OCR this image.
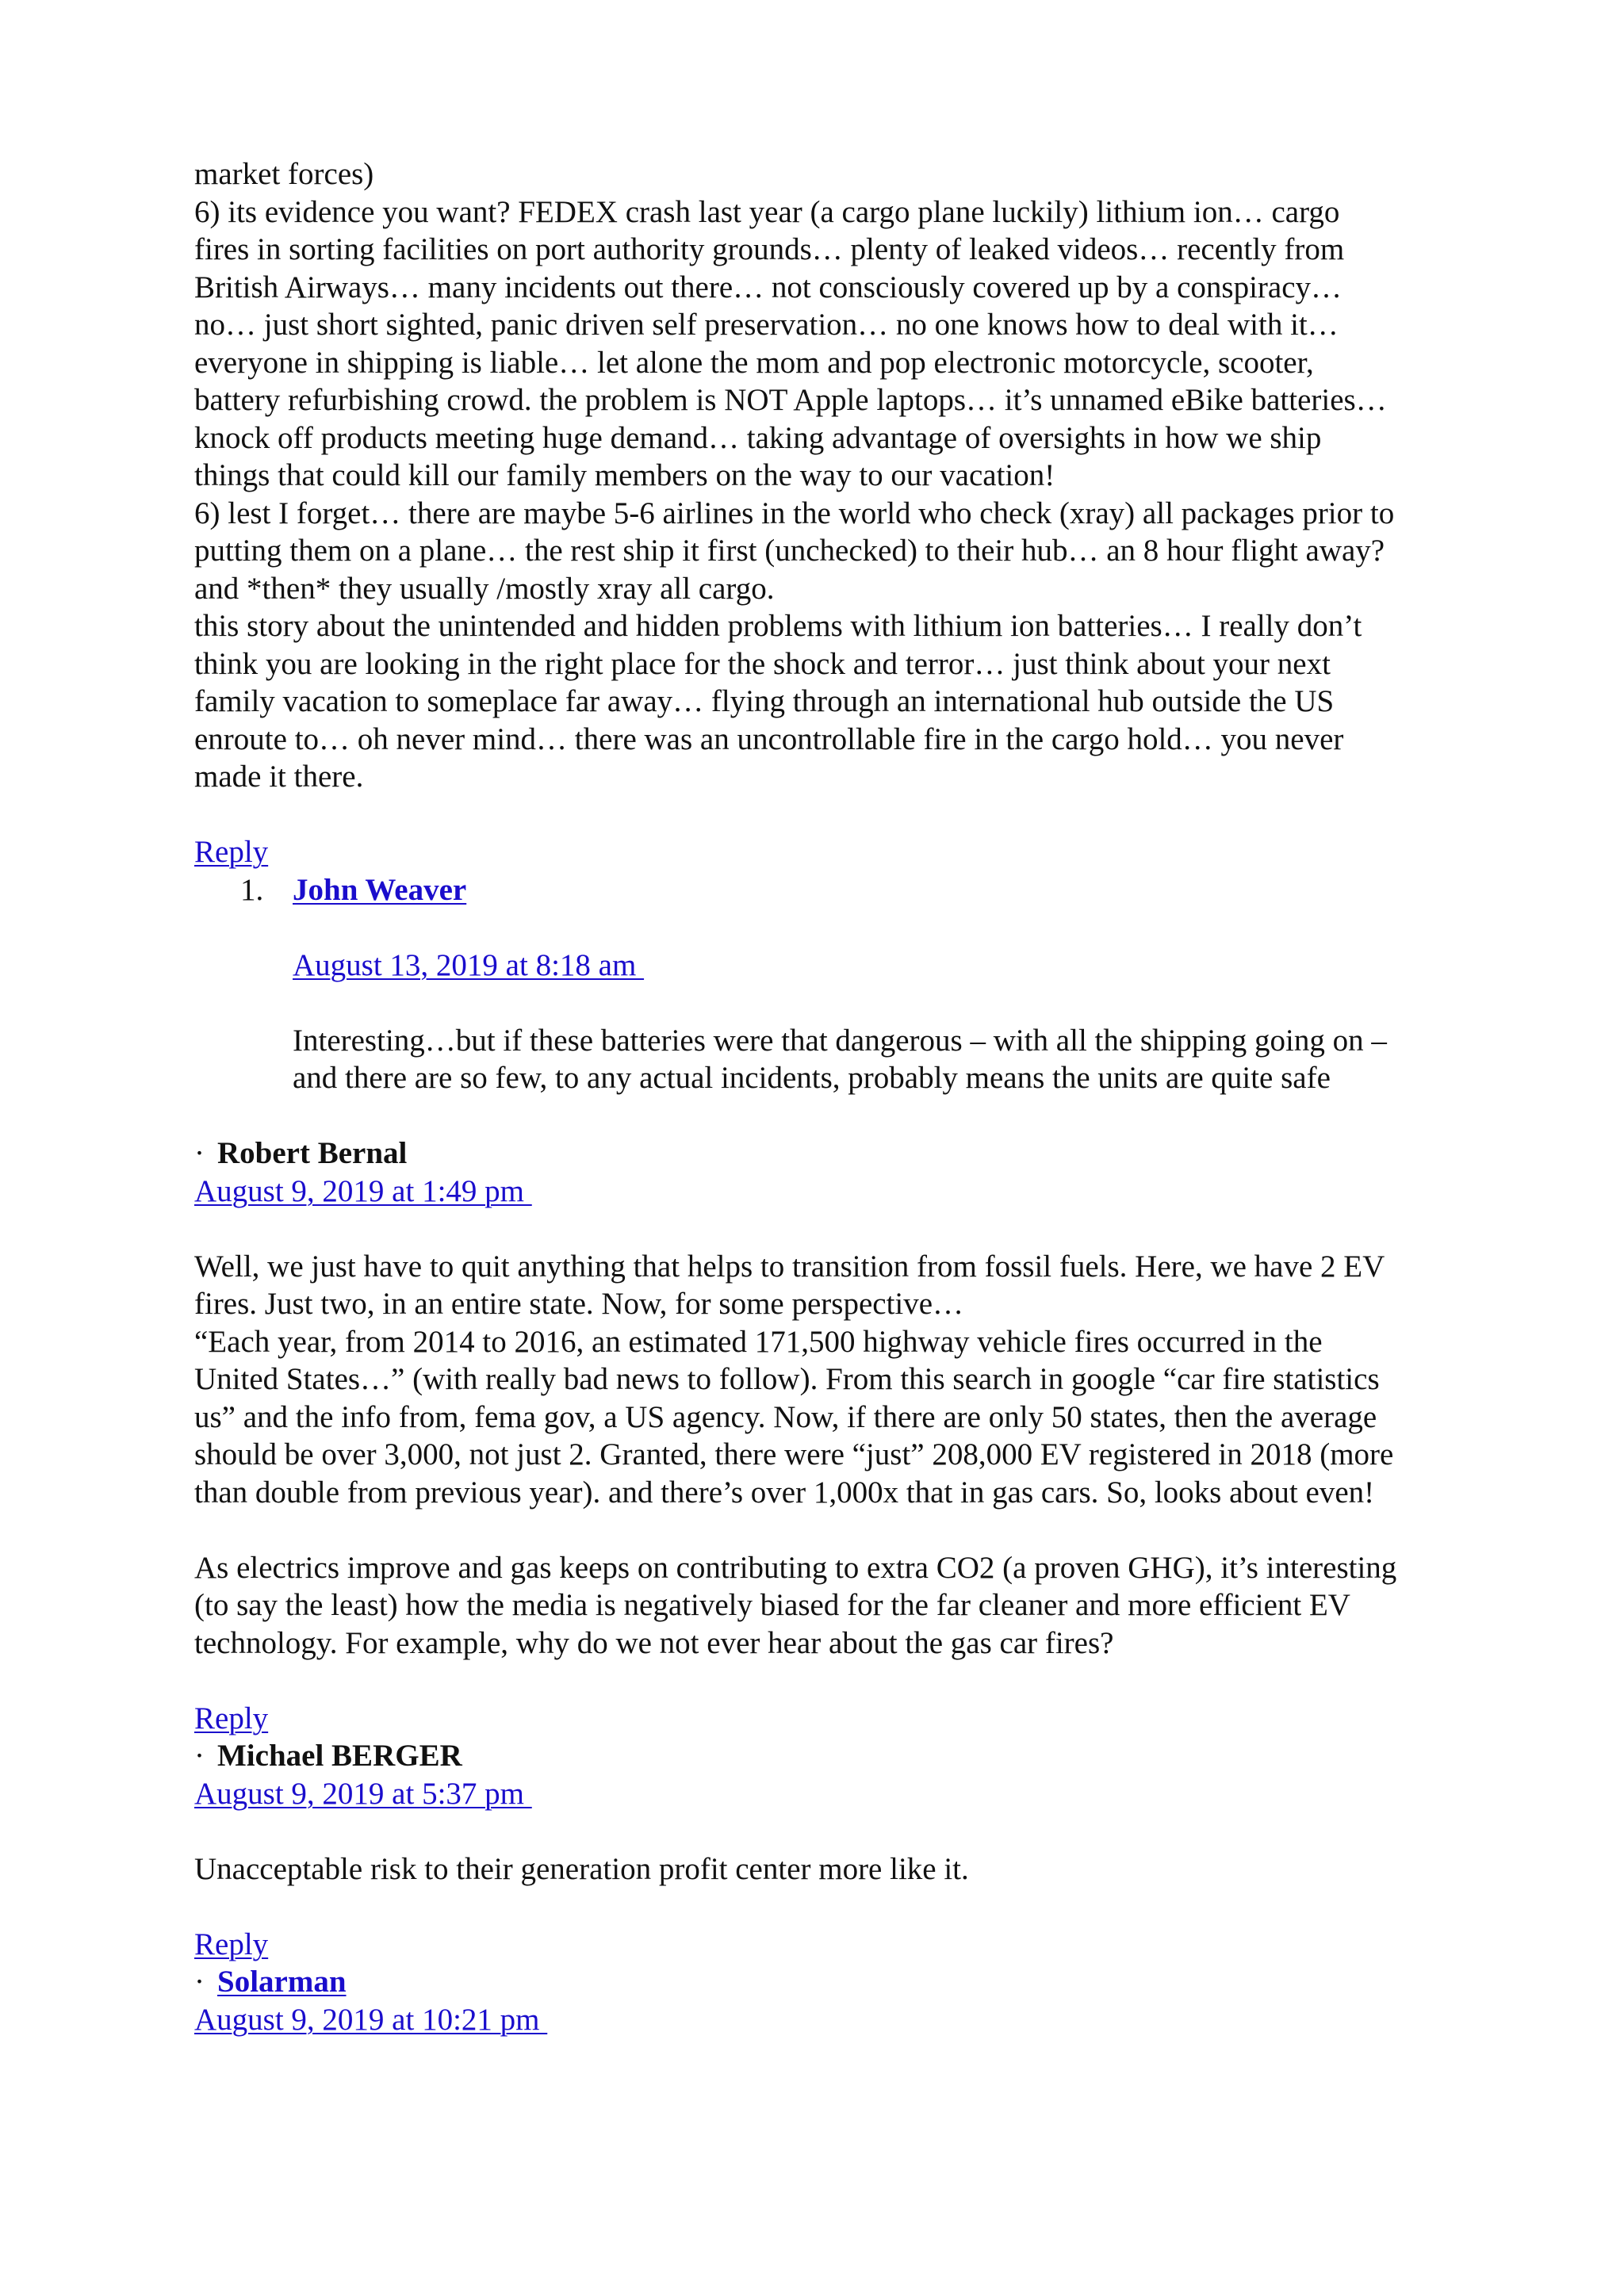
market forces)
6) its evidence you want? FEDEX crash last year (a cargo plane luckily) lithium ion… cargo
fires in sorting facilities on port authority grounds… plenty of leaked videos… recently from
British Airways… many incidents out there… not consciously covered up by a conspiracy…
no… just short sighted, panic driven self preservation… no one knows how to deal with it…
everyone in shipping is liable… let alone the mom and pop electronic motorcycle, scooter,
battery refurbishing crowd. the problem is NOT Apple laptops… it’s unnamed eBike batteries…
knock off products meeting huge demand… taking advantage of oversights in how we ship
things that could kill our family members on the way to our vacation!
6) lest I forget… there are maybe 5-6 airlines in the world who check (xray) all packages prior to
putting them on a plane… the rest ship it first (unchecked) to their hub… an 8 hour flight away?
and *then* they usually /mostly xray all cargo.
this story about the unintended and hidden problems with lithium ion batteries… I really don’t
think you are looking in the right place for the shock and terror… just think about your next
family vacation to someplace far away… flying through an international hub outside the US
enroute to… oh never mind… there was an uncontrollable fire in the cargo hold… you never
made it there.

Reply
1. John Weaver
August 13, 2019 at 8:18 am

Interesting…but if these batteries were that dangerous – with all the shipping going on –
and there are so few, to any actual incidents, probably means the units are quite safe

· Robert Bernal
August 9, 2019 at 1:49 pm

Well, we just have to quit anything that helps to transition from fossil fuels. Here, we have 2 EV
fires. Just two, in an entire state. Now, for some perspective…
“Each year, from 2014 to 2016, an estimated 171,500 highway vehicle fires occurred in the
United States…” (with really bad news to follow). From this search in google “car fire statistics
us” and the info from, fema gov, a US agency. Now, if there are only 50 states, then the average
should be over 3,000, not just 2. Granted, there were “just” 208,000 EV registered in 2018 (more
than double from previous year). and there’s over 1,000x that in gas cars. So, looks about even!

As electrics improve and gas keeps on contributing to extra CO2 (a proven GHG), it’s interesting
(to say the least) how the media is negatively biased for the far cleaner and more efficient EV
technology. For example, why do we not ever hear about the gas car fires?

Reply
· Michael BERGER
August 9, 2019 at 5:37 pm

Unacceptable risk to their generation profit center more like it.

Reply
· Solarman
August 9, 2019 at 10:21 pm
